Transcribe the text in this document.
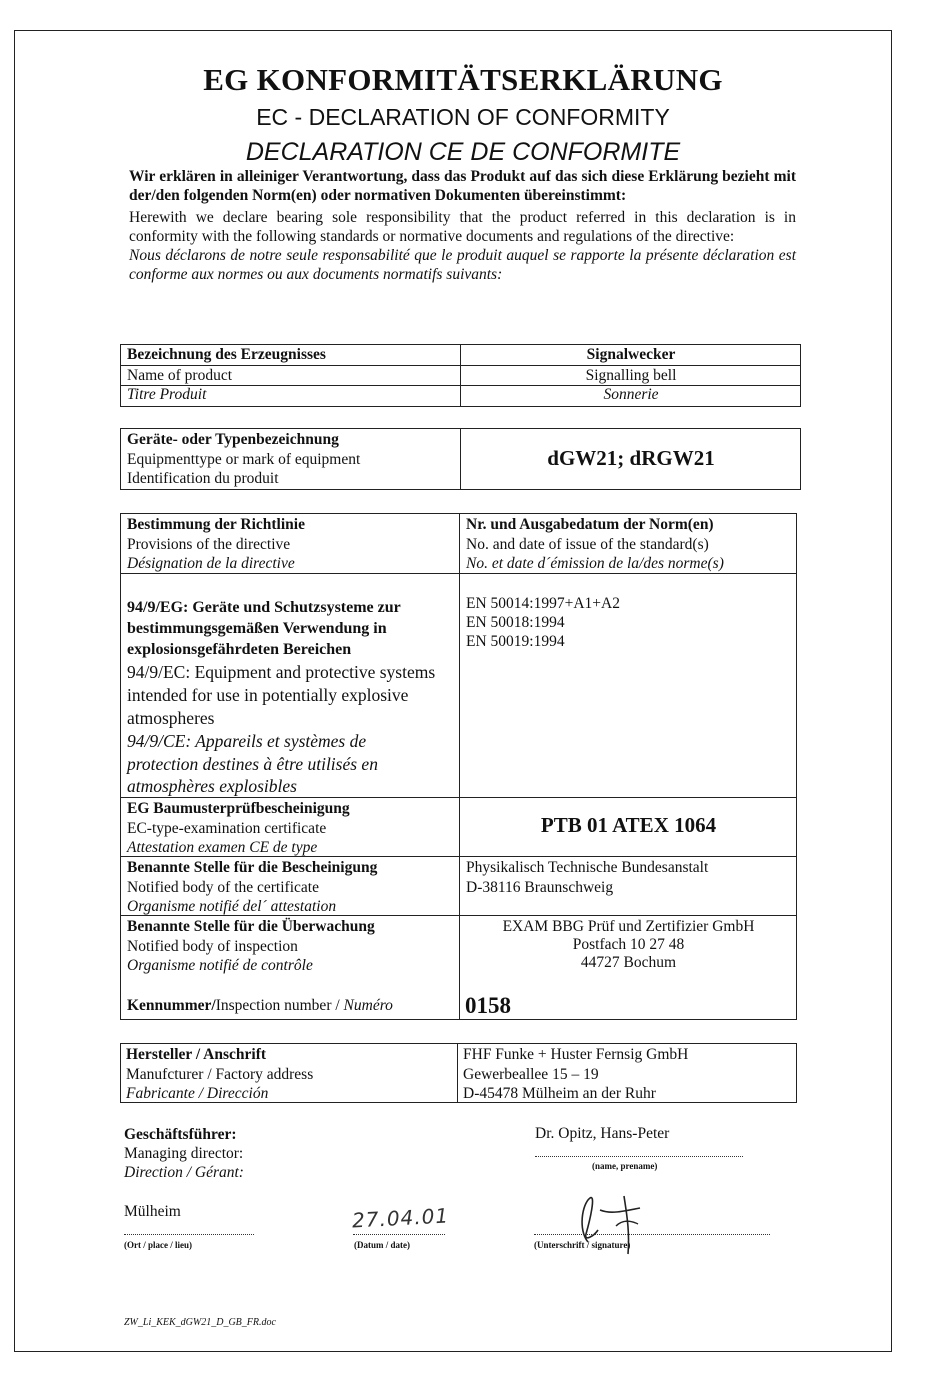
EG KONFORMITÄTSERKLÄRUNG
EC - DECLARATION OF CONFORMITY
DECLARATION CE DE CONFORMITE

Wir erklären in alleiniger Verantwortung, dass das Produkt auf das sich diese Erklärung bezieht mit der/den folgenden Norm(en) oder normativen Dokumenten übereinstimmt:

Herewith we declare bearing sole responsibility that the product referred in this declaration is in conformity with the following standards or normative documents and regulations of the directive:

Nous déclarons de notre seule responsabilité que le produit auquel se rapporte la présente déclaration est conforme aux normes ou aux documents normatifs suivants:

Bezeichnung des Erzeugnisses
Name of product
Titre Produit
Signalwecker
Signalling bell
Sonnerie
Geräte- oder Typenbezeichnung
Equipmenttype or mark of equipment
Identification du produit
dGW21; dRGW21
Bestimmung der Richtlinie
Provisions of the directive
Désignation de la directive
Nr. und Ausgabedatum der Norm(en)
No. and date of issue of the standard(s)
No. et date d´émission de la/des norme(s)
94/9/EG: Geräte und Schutzsysteme zur bestimmungsgemäßen Verwendung in explosionsgefährdeten Bereichen
94/9/EC: Equipment and protective systems intended for use in potentially explosive atmospheres
94/9/CE: Appareils et systèmes de protection destines à être utilisés en atmosphères explosibles
EN 50014:1997+A1+A2
EN 50018:1994
EN 50019:1994
EG Baumusterprüfbescheinigung
EC-type-examination certificate
Attestation examen CE de type
PTB 01 ATEX 1064
Benannte Stelle für die Bescheinigung
Notified body of the certificate
Organisme notifié del´ attestation
Physikalisch Technische Bundesanstalt
D-38116 Braunschweig
Benannte Stelle für die Überwachung
Notified body of inspection
Organisme notifié de contrôle
EXAM BBG Prüf und Zertifizier GmbH
Postfach 10 27 48
44727 Bochum
Kennummer/Inspection number / Numéro	0158
Hersteller / Anschrift
Manufcturer / Factory address
Fabricante / Dirección
FHF Funke + Huster Fernsig GmbH
Gewerbeallee 15 – 19
D-45478 Mülheim an der Ruhr
Geschäftsführer:
Managing director:
Direction / Gérant:
Dr. Opitz, Hans-Peter
(name, prename)
Mülheim
(Ort / place / lieu)
27.04.01
(Datum / date)	(Unterschrift / signature)
ZW_Li_KEK_dGW21_D_GB_FR.doc
